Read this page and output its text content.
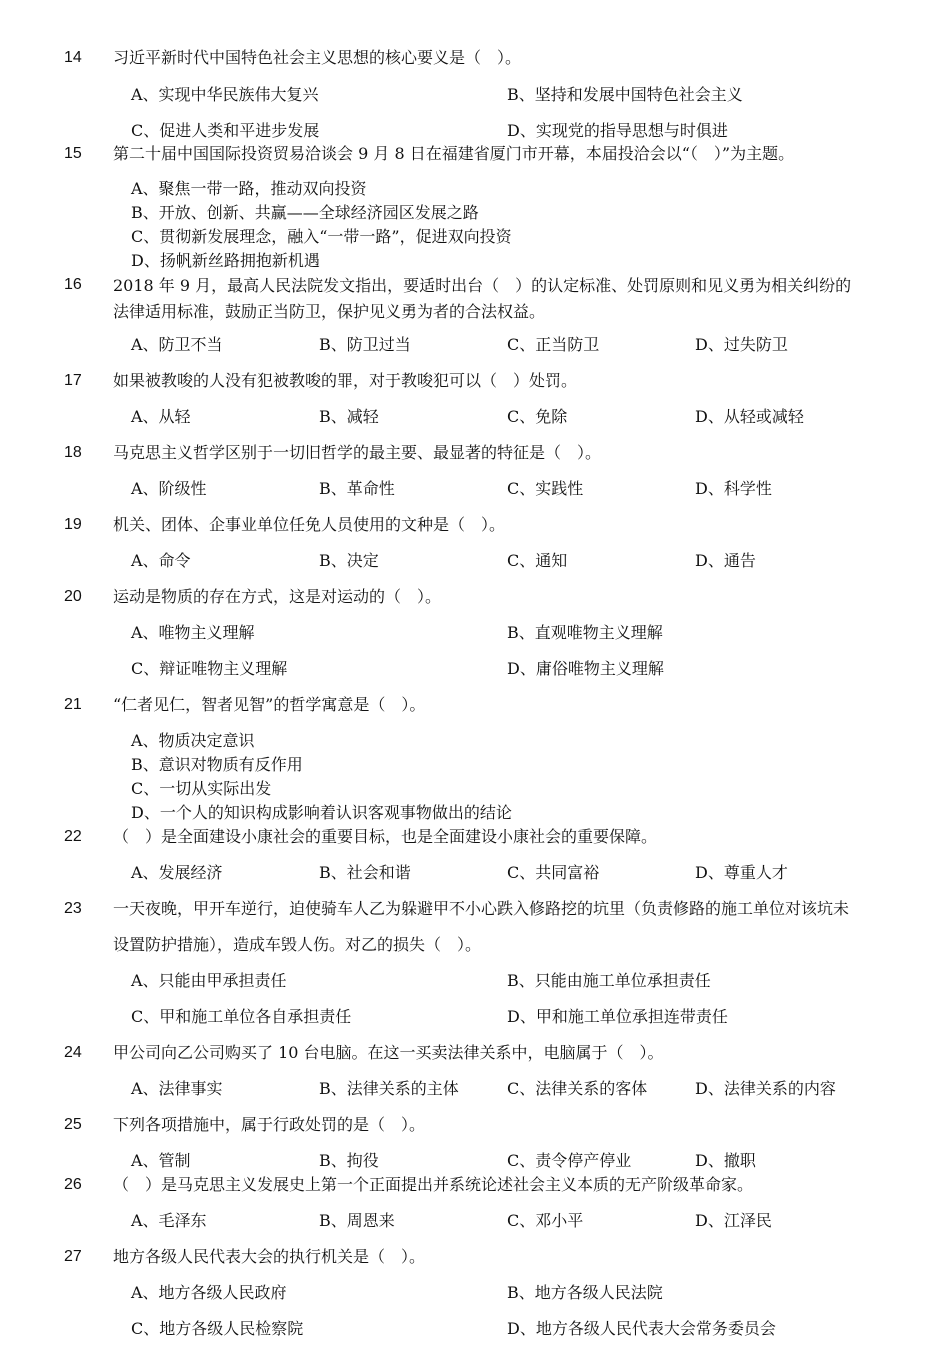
14 习近平新时代中国特色社会主义思想的核心要义是（　）。
A、实现中华民族伟大复兴	B、坚持和发展中国特色社会主义
C、促进人类和平进步发展	D、实现党的指导思想与时俱进
15 第二十届中国国际投资贸易洽谈会 9 月 8 日在福建省厦门市开幕，本届投洽会以“（　）”为主题。
A、聚焦一带一路，推动双向投资
B、开放、创新、共赢——全球经济园区发展之路
C、贯彻新发展理念，融入“一带一路”，促进双向投资
D、扬帆新丝路拥抱新机遇
16 2018 年 9 月，最高人民法院发文指出，要适时出台（　）的认定标准、处罚原则和见义勇为相关纠纷的法律适用标准，鼓励正当防卫，保护见义勇为者的合法权益。
A、防卫不当	B、防卫过当	C、正当防卫	D、过失防卫
17 如果被教唆的人没有犯被教唆的罪，对于教唆犯可以（　）处罚。
A、从轻	B、减轻	C、免除	D、从轻或减轻
18 马克思主义哲学区别于一切旧哲学的最主要、最显著的特征是（　）。
A、阶级性	B、革命性	C、实践性	D、科学性
19 机关、团体、企事业单位任免人员使用的文种是（　）。
A、命令	B、决定	C、通知	D、通告
20 运动是物质的存在方式，这是对运动的（　）。
A、唯物主义理解	B、直观唯物主义理解
C、辩证唯物主义理解	D、庸俗唯物主义理解
21 “仁者见仁，智者见智”的哲学寓意是（　）。
A、物质决定意识
B、意识对物质有反作用
C、一切从实际出发
D、一个人的知识构成影响着认识客观事物做出的结论
22 （　）是全面建设小康社会的重要目标，也是全面建设小康社会的重要保障。
A、发展经济	B、社会和谐	C、共同富裕	D、尊重人才
23 一天夜晚，甲开车逆行，迫使骑车人乙为躲避甲不小心跌入修路挖的坑里（负责修路的施工单位对该坑未设置防护措施），造成车毁人伤。对乙的损失（　）。
A、只能由甲承担责任	B、只能由施工单位承担责任
C、甲和施工单位各自承担责任	D、甲和施工单位承担连带责任
24 甲公司向乙公司购买了 10 台电脑。在这一买卖法律关系中，电脑属于（　）。
A、法律事实	B、法律关系的主体	C、法律关系的客体	D、法律关系的内容
25 下列各项措施中，属于行政处罚的是（　）。
A、管制	B、拘役	C、责令停产停业	D、撤职
26 （　）是马克思主义发展史上第一个正面提出并系统论述社会主义本质的无产阶级革命家。
A、毛泽东	B、周恩来	C、邓小平	D、江泽民
27 地方各级人民代表大会的执行机关是（　）。
A、地方各级人民政府	B、地方各级人民法院
C、地方各级人民检察院	D、地方各级人民代表大会常务委员会
